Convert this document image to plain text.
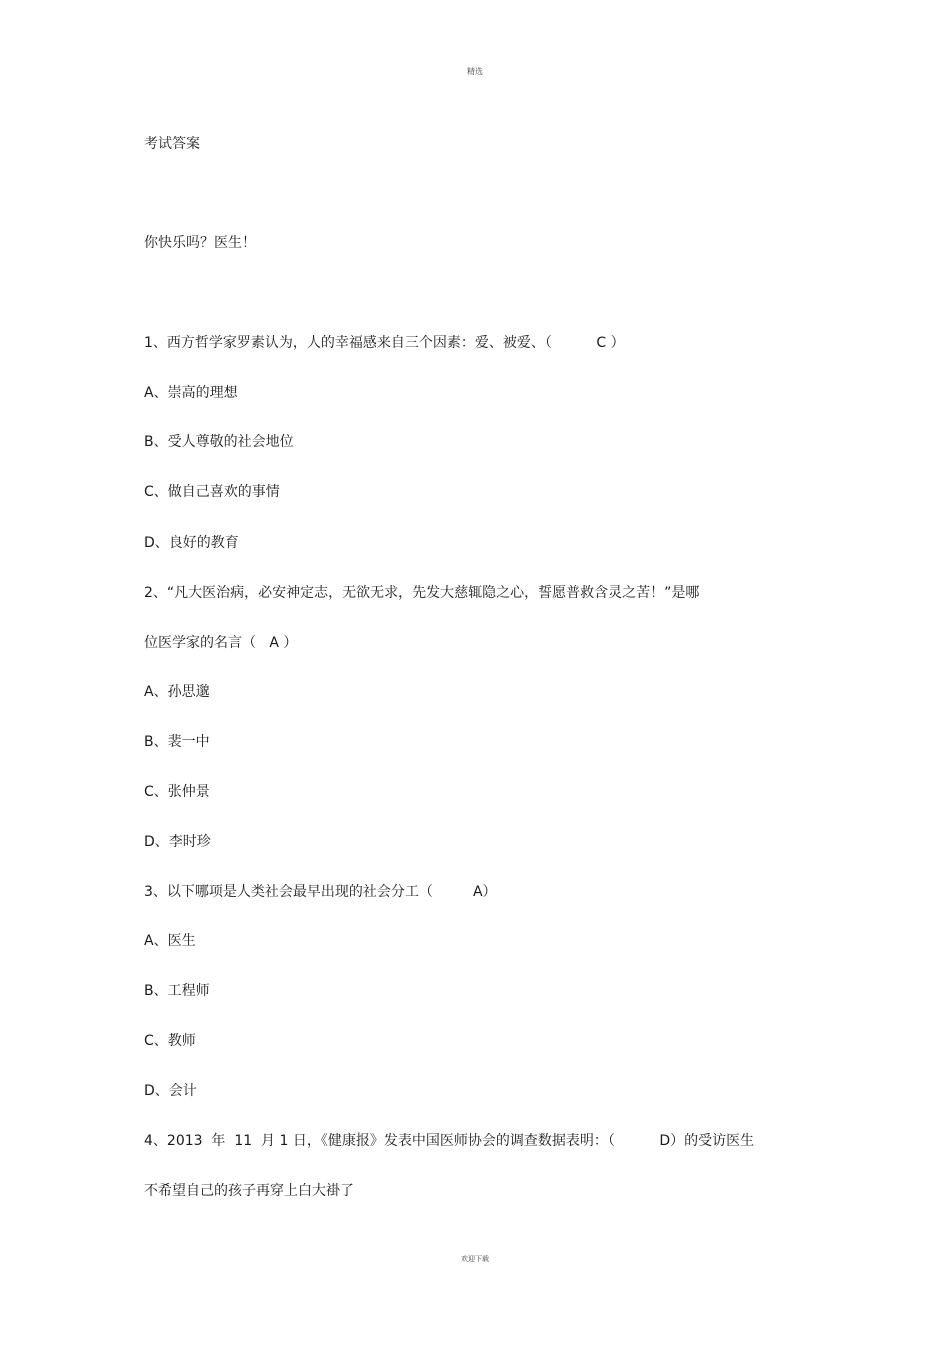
精选
考试答案
你快乐吗？医生！
1、西方哲学家罗素认为，人的幸福感来自三个因素：爱、被爱、（          C ）
A、崇高的理想
B、受人尊敬的社会地位
C、做自己喜欢的事情
D、良好的教育
2、“凡大医治病，必安神定志，无欲无求，先发大慈辄隐之心，誓愿普救含灵之苦！”是哪
位医学家的名言（   A ）
A、孙思邈
B、裴一中
C、张仲景
D、李时珍
3、以下哪项是人类社会最早出现的社会分工（         A）
A、医生
B、工程师
C、教师
D、会计
4、2013  年  11  月 1 日，《健康报》发表中国医师协会的调查数据表明：（          D）的受访医生
不希望自己的孩子再穿上白大褂了
欢迎下载
